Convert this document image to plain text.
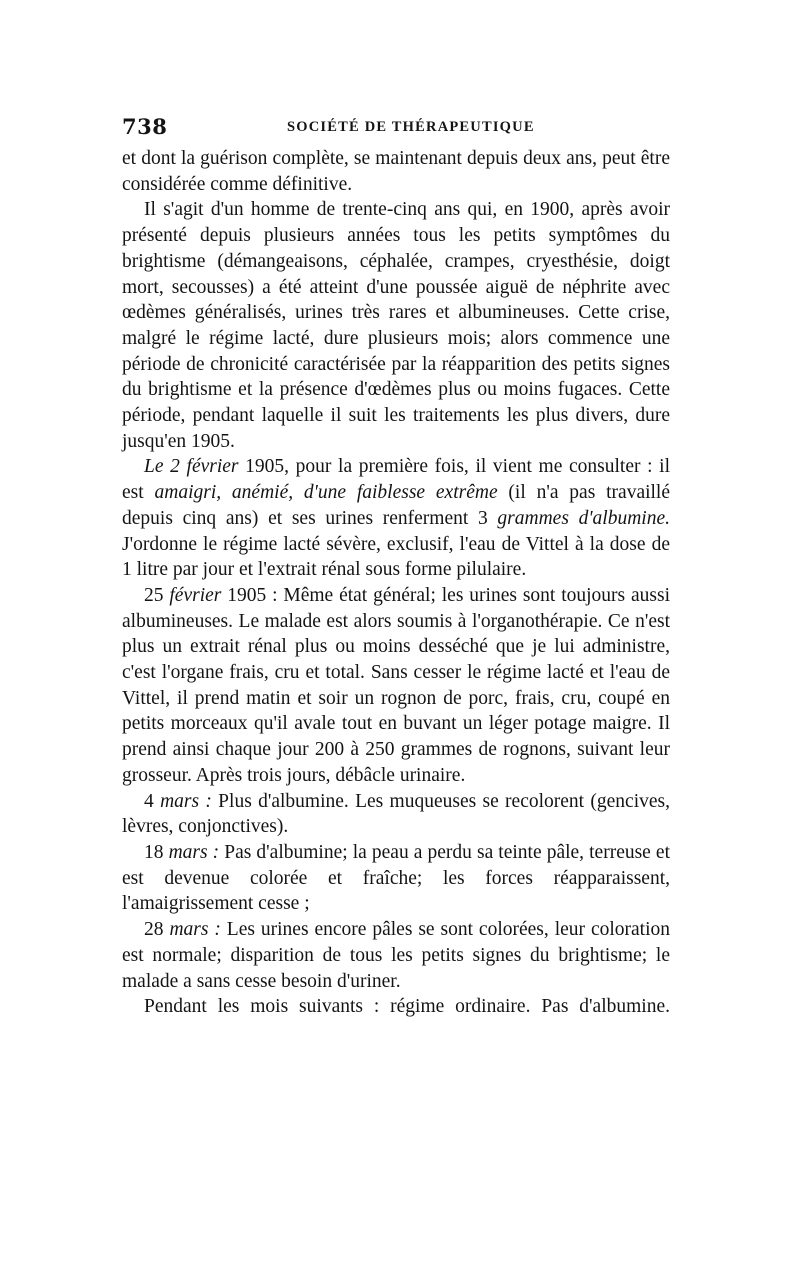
738	SOCIÉTÉ DE THÉRAPEUTIQUE

et dont la guérison complète, se maintenant depuis deux ans, peut être considérée comme définitive.

Il s'agit d'un homme de trente-cinq ans qui, en 1900, après avoir présenté depuis plusieurs années tous les petits symptômes du brightisme (démangeaisons, céphalée, crampes, cryesthésie, doigt mort, secousses) a été atteint d'une poussée aiguë de néphrite avec œdèmes généralisés, urines très rares et albumineuses. Cette crise, malgré le régime lacté, dure plusieurs mois; alors commence une période de chronicité caractérisée par la réapparition des petits signes du brightisme et la présence d'œdèmes plus ou moins fugaces. Cette période, pendant laquelle il suit les traitements les plus divers, dure jusqu'en 1905.

Le 2 février 1905, pour la première fois, il vient me consulter : il est amaigri, anémié, d'une faiblesse extrême (il n'a pas travaillé depuis cinq ans) et ses urines renferment 3 grammes d'albumine. J'ordonne le régime lacté sévère, exclusif, l'eau de Vittel à la dose de 1 litre par jour et l'extrait rénal sous forme pilulaire.

25 février 1905 : Même état général; les urines sont toujours aussi albumineuses. Le malade est alors soumis à l'organothérapie. Ce n'est plus un extrait rénal plus ou moins desséché que je lui administre, c'est l'organe frais, cru et total. Sans cesser le régime lacté et l'eau de Vittel, il prend matin et soir un rognon de porc, frais, cru, coupé en petits morceaux qu'il avale tout en buvant un léger potage maigre. Il prend ainsi chaque jour 200 à 250 grammes de rognons, suivant leur grosseur. Après trois jours, débâcle urinaire.

4 mars : Plus d'albumine. Les muqueuses se recolorent (gencives, lèvres, conjonctives).

18 mars : Pas d'albumine; la peau a perdu sa teinte pâle, terreuse et est devenue colorée et fraîche; les forces réapparaissent, l'amaigrissement cesse ;

28 mars : Les urines encore pâles se sont colorées, leur coloration est normale; disparition de tous les petits signes du brightisme; le malade a sans cesse besoin d'uriner.

Pendant les mois suivants : régime ordinaire. Pas d'albumine.
